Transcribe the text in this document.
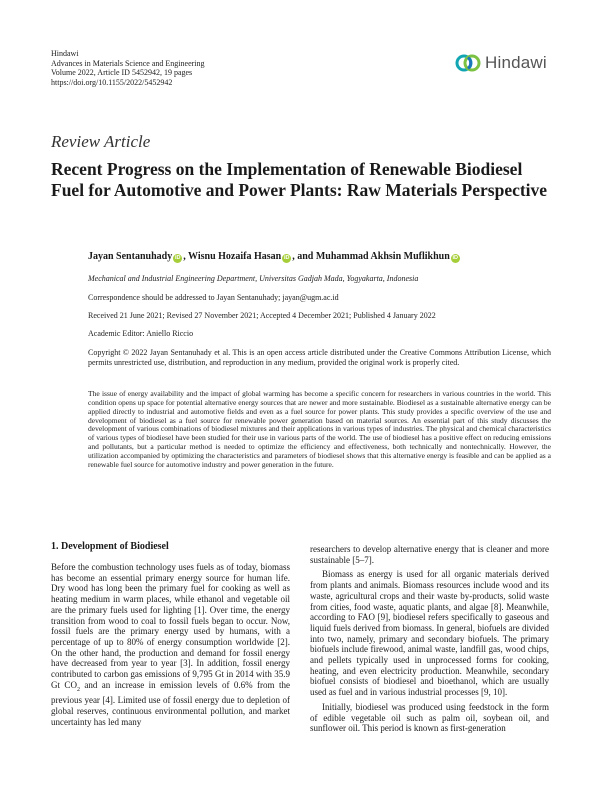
Hindawi
Advances in Materials Science and Engineering
Volume 2022, Article ID 5452942, 19 pages
https://doi.org/10.1155/2022/5452942
Hindawi
Review Article
Recent Progress on the Implementation of Renewable Biodiesel Fuel for Automotive and Power Plants: Raw Materials Perspective
Jayan Sentanuhady iD , Wisnu Hozaifa Hasan iD , and Muhammad Akhsin Muflikhun iD
Mechanical and Industrial Engineering Department, Universitas Gadjah Mada, Yogyakarta, Indonesia
Correspondence should be addressed to Jayan Sentanuhady; jayan@ugm.ac.id
Received 21 June 2021; Revised 27 November 2021; Accepted 4 December 2021; Published 4 January 2022
Academic Editor: Aniello Riccio
Copyright © 2022 Jayan Sentanuhady et al. This is an open access article distributed under the Creative Commons Attribution License, which permits unrestricted use, distribution, and reproduction in any medium, provided the original work is properly cited.
The issue of energy availability and the impact of global warming has become a specific concern for researchers in various countries in the world. This condition opens up space for potential alternative energy sources that are newer and more sustainable. Biodiesel as a sustainable alternative energy can be applied directly to industrial and automotive fields and even as a fuel source for power plants. This study provides a specific overview of the use and development of biodiesel as a fuel source for renewable power generation based on material sources. An essential part of this study discusses the development of various combinations of biodiesel mixtures and their applications in various types of industries. The physical and chemical characteristics of various types of biodiesel have been studied for their use in various parts of the world. The use of biodiesel has a positive effect on reducing emissions and pollutants, but a particular method is needed to optimize the efficiency and effectiveness, both technically and nontechnically. However, the utilization accompanied by optimizing the characteristics and parameters of biodiesel shows that this alternative energy is feasible and can be applied as a renewable fuel source for automotive industry and power generation in the future.
1. Development of Biodiesel

Before the combustion technology uses fuels as of today, biomass has become an essential primary energy source for human life. Dry wood has long been the primary fuel for cooking as well as heating medium in warm places, while ethanol and vegetable oil are the primary fuels used for lighting [1]. Over time, the energy transition from wood to coal to fossil fuels began to occur. Now, fossil fuels are the primary energy used by humans, with a percentage of up to 80% of energy consumption worldwide [2]. On the other hand, the production and demand for fossil energy have decreased from year to year [3]. In addition, fossil energy contributed to carbon gas emissions of 9,795 Gt in 2014 with 35.9 Gt $CO_2$ and an increase in emission levels of 0.6% from the previous year [4]. Limited use of fossil energy due to depletion of global reserves, continuous environmental pollution, and market uncertainty has led many

researchers to develop alternative energy that is cleaner and more sustainable [5–7].

Biomass as energy is used for all organic materials derived from plants and animals. Biomass resources include wood and its waste, agricultural crops and their waste by-products, solid waste from cities, food waste, aquatic plants, and algae [8]. Meanwhile, according to FAO [9], biodiesel refers specifically to gaseous and liquid fuels derived from biomass. In general, biofuels are divided into two, namely, primary and secondary biofuels. The primary biofuels include firewood, animal waste, landfill gas, wood chips, and pellets typically used in unprocessed forms for cooking, heating, and even electricity production. Meanwhile, secondary biofuel consists of biodiesel and bioethanol, which are usually used as fuel and in various industrial processes [9, 10].

Initially, biodiesel was produced using feedstock in the form of edible vegetable oil such as palm oil, soybean oil, and sunflower oil. This period is known as first-generation
